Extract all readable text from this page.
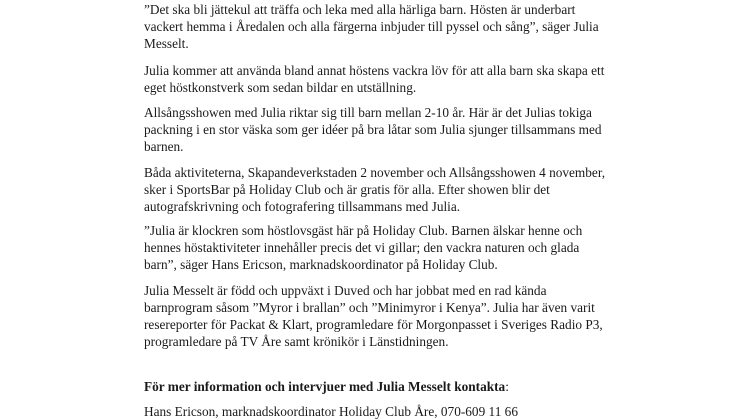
”Det ska bli jättekul att träffa och leka med alla härliga barn. Hösten är underbart
vackert hemma i Åredalen och alla färgerna inbjuder till pyssel och sång”, säger Julia
Messelt.

Julia kommer att använda bland annat höstens vackra löv för att alla barn ska skapa ett
eget höstkonstverk som sedan bildar en utställning.

Allsångsshowen med Julia riktar sig till barn mellan 2-10 år. Här är det Julias tokiga
packning i en stor väska som ger idéer på bra låtar som Julia sjunger tillsammans med
barnen.

Båda aktiviteterna, Skapandeverkstaden 2 november och Allsångsshowen 4 november,
sker i SportsBar på Holiday Club och är gratis för alla. Efter showen blir det
autografskrivning och fotografering tillsammans med Julia.

”Julia är klockren som höstlovsgäst här på Holiday Club. Barnen älskar henne och
hennes höstaktiviteter innehåller precis det vi gillar; den vackra naturen och glada
barn”, säger Hans Ericson, marknadskoordinator på Holiday Club.

Julia Messelt är född och uppväxt i Duved och har jobbat med en rad kända
barnprogram såsom ”Myror i brallan” och ”Minimyror i Kenya”. Julia har även varit
resereporter för Packat & Klart, programledare för Morgonpasset i Sveriges Radio P3,
programledare på TV Åre samt krönikör i Länstidningen.

För mer information och intervjuer med Julia Messelt kontakta:
Hans Ericson, marknadskoordinator Holiday Club Åre, 070-609 11 66
